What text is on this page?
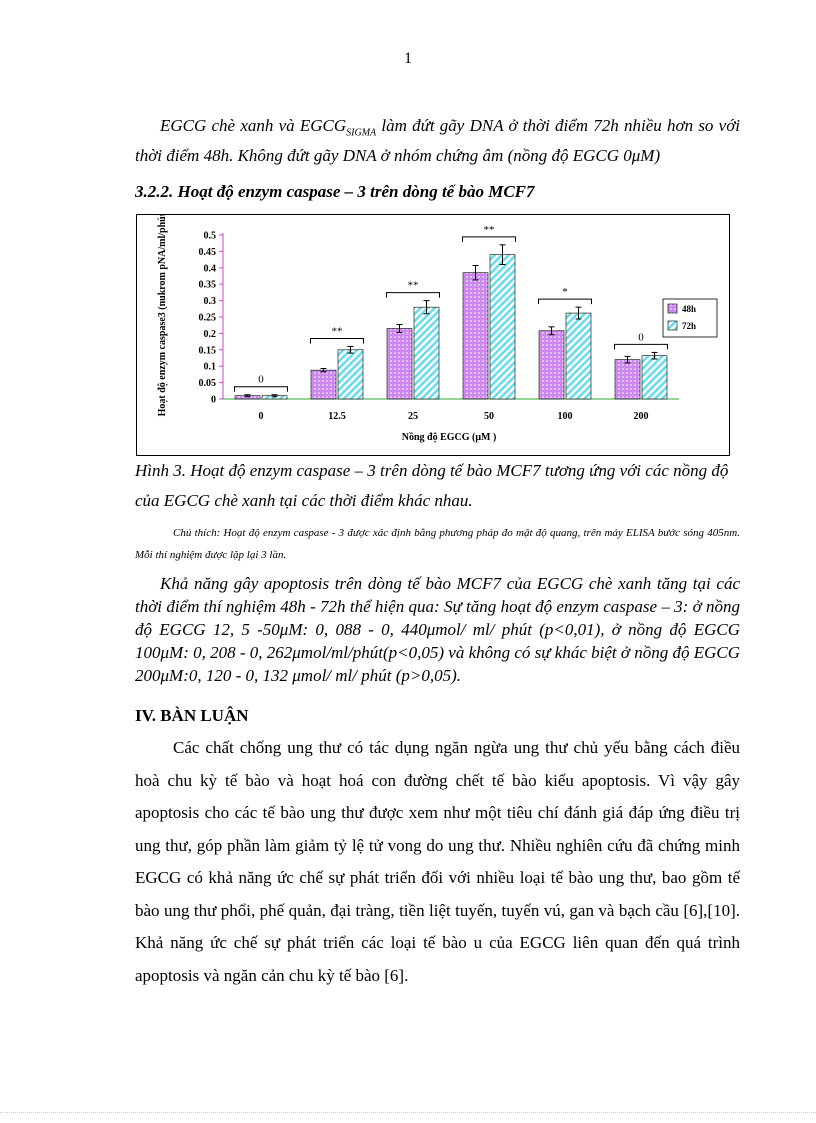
1

EGCG chè xanh và $EGCG_{SIGMA}$ làm đứt gãy DNA ở thời điểm 72h nhiều hơn so với thời điểm 48h. Không đứt gãy DNA ở nhóm chứng âm (nồng độ EGCG 0μM)

3.2.2. Hoạt độ enzym caspase – 3 trên dòng tế bào MCF7
Hoạt độ enzym caspase3 (nukrom pNA/ml/phút)
Nồng độ EGCG (μM )
0
0.05
0.1
0.15
0.2
0.25
0.3
0.35
0.4
0.45
0.5
0
0
12.5
**
25
**
50
**
100
*
200
0
48h
72h
Hình 3. Hoạt độ enzym caspase – 3 trên dòng tế bào MCF7 tương ứng với các nồng độ của EGCG chè xanh tại các thời điểm khác nhau.
Chú thích: Hoạt độ enzym caspase - 3 được xác định bằng phương pháp đo mật độ quang, trên máy ELISA bước sóng 405nm. Mỗi thí nghiệm được lặp lại 3 lần.
Khả năng gây apoptosis trên dòng tế bào MCF7 của EGCG chè xanh tăng tại các thời điểm thí nghiệm 48h - 72h thể hiện qua: Sự tăng hoạt độ enzym caspase – 3: ở nồng độ EGCG 12, 5 -50μM: 0, 088 - 0, 440μmol/ ml/ phút (p<0,01), ở nồng độ EGCG 100μM: 0, 208 - 0, 262μmol/ml/phút(p<0,05) và không có sự khác biệt ở nồng độ EGCG 200μM:0, 120 - 0, 132 μmol/ ml/ phút (p>0,05).
IV. BÀN LUẬN
Các chất chống ung thư có tác dụng ngăn ngừa ung thư chủ yếu bằng cách điều hoà chu kỳ tế bào và hoạt hoá con đường chết tế bào kiểu apoptosis. Vì vậy gây apoptosis cho các tế bào ung thư được xem như một tiêu chí đánh giá đáp ứng điều trị ung thư, góp phần làm giảm tỷ lệ tử vong do ung thư. Nhiều nghiên cứu đã chứng minh EGCG có khả năng ức chế sự phát triển đối với nhiều loại tế bào ung thư, bao gồm tế bào ung thư phổi, phế quản, đại tràng, tiền liệt tuyến, tuyến vú, gan và bạch cầu [6],[10]. Khả năng ức chế sự phát triển các loại tế bào u của EGCG liên quan đến quá trình apoptosis và ngăn cản chu kỳ tế bào [6].
